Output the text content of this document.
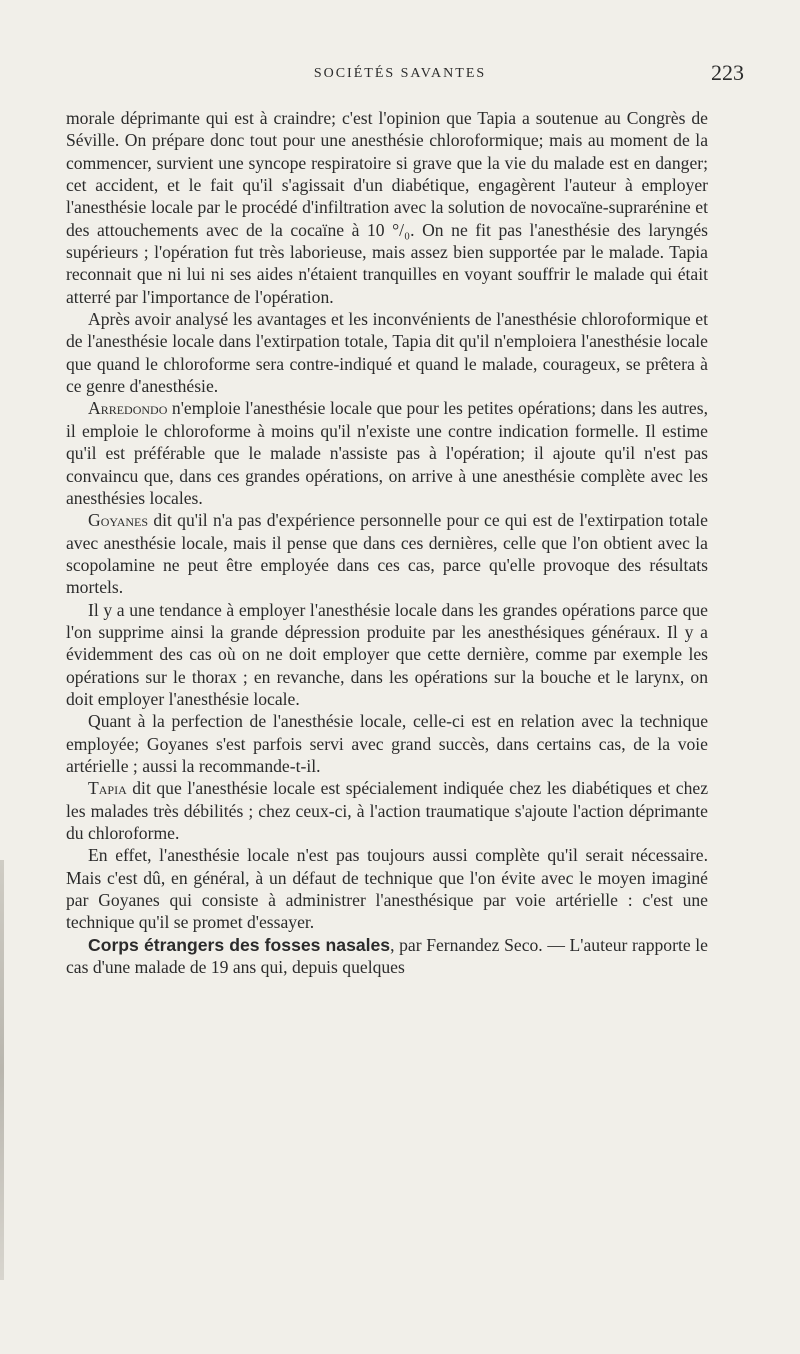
SOCIÉTÉS SAVANTES	223

morale déprimante qui est à craindre; c'est l'opinion que Tapia a soutenue au Congrès de Séville. On prépare donc tout pour une anesthésie chloroformique; mais au moment de la commencer, survient une syncope respiratoire si grave que la vie du malade est en danger; cet accident, et le fait qu'il s'agissait d'un diabétique, engagèrent l'auteur à employer l'anesthésie locale par le procédé d'infiltration avec la solution de novocaïne-suprarénine et des attouchements avec de la cocaïne à 10 °/₀. On ne fit pas l'anesthésie des laryngés supérieurs ; l'opération fut très laborieuse, mais assez bien supportée par le malade. Tapia reconnait que ni lui ni ses aides n'étaient tranquilles en voyant souffrir le malade qui était atterré par l'importance de l'opération.

Après avoir analysé les avantages et les inconvénients de l'anesthésie chloroformique et de l'anesthésie locale dans l'extirpation totale, Tapia dit qu'il n'emploiera l'anesthésie locale que quand le chloroforme sera contre-indiqué et quand le malade, courageux, se prêtera à ce genre d'anesthésie.

Arredondo n'emploie l'anesthésie locale que pour les petites opérations; dans les autres, il emploie le chloroforme à moins qu'il n'existe une contre indication formelle. Il estime qu'il est préférable que le malade n'assiste pas à l'opération; il ajoute qu'il n'est pas convaincu que, dans ces grandes opérations, on arrive à une anesthésie complète avec les anesthésies locales.

Goyanes dit qu'il n'a pas d'expérience personnelle pour ce qui est de l'extirpation totale avec anesthésie locale, mais il pense que dans ces dernières, celle que l'on obtient avec la scopolamine ne peut être employée dans ces cas, parce qu'elle provoque des résultats mortels.

Il y a une tendance à employer l'anesthésie locale dans les grandes opérations parce que l'on supprime ainsi la grande dépression produite par les anesthésiques généraux. Il y a évidemment des cas où on ne doit employer que cette dernière, comme par exemple les opérations sur le thorax ; en revanche, dans les opérations sur la bouche et le larynx, on doit employer l'anesthésie locale.

Quant à la perfection de l'anesthésie locale, celle-ci est en relation avec la technique employée; Goyanes s'est parfois servi avec grand succès, dans certains cas, de la voie artérielle ; aussi la recommande-t-il.

Tapia dit que l'anesthésie locale est spécialement indiquée chez les diabétiques et chez les malades très débilités ; chez ceux-ci, à l'action traumatique s'ajoute l'action déprimante du chloroforme.

En effet, l'anesthésie locale n'est pas toujours aussi complète qu'il serait nécessaire. Mais c'est dû, en général, à un défaut de technique que l'on évite avec le moyen imaginé par Goyanes qui consiste à administrer l'anesthésique par voie artérielle : c'est une technique qu'il se promet d'essayer.

Corps étrangers des fosses nasales, par Fernandez Seco. — L'auteur rapporte le cas d'une malade de 19 ans qui, depuis quelques
